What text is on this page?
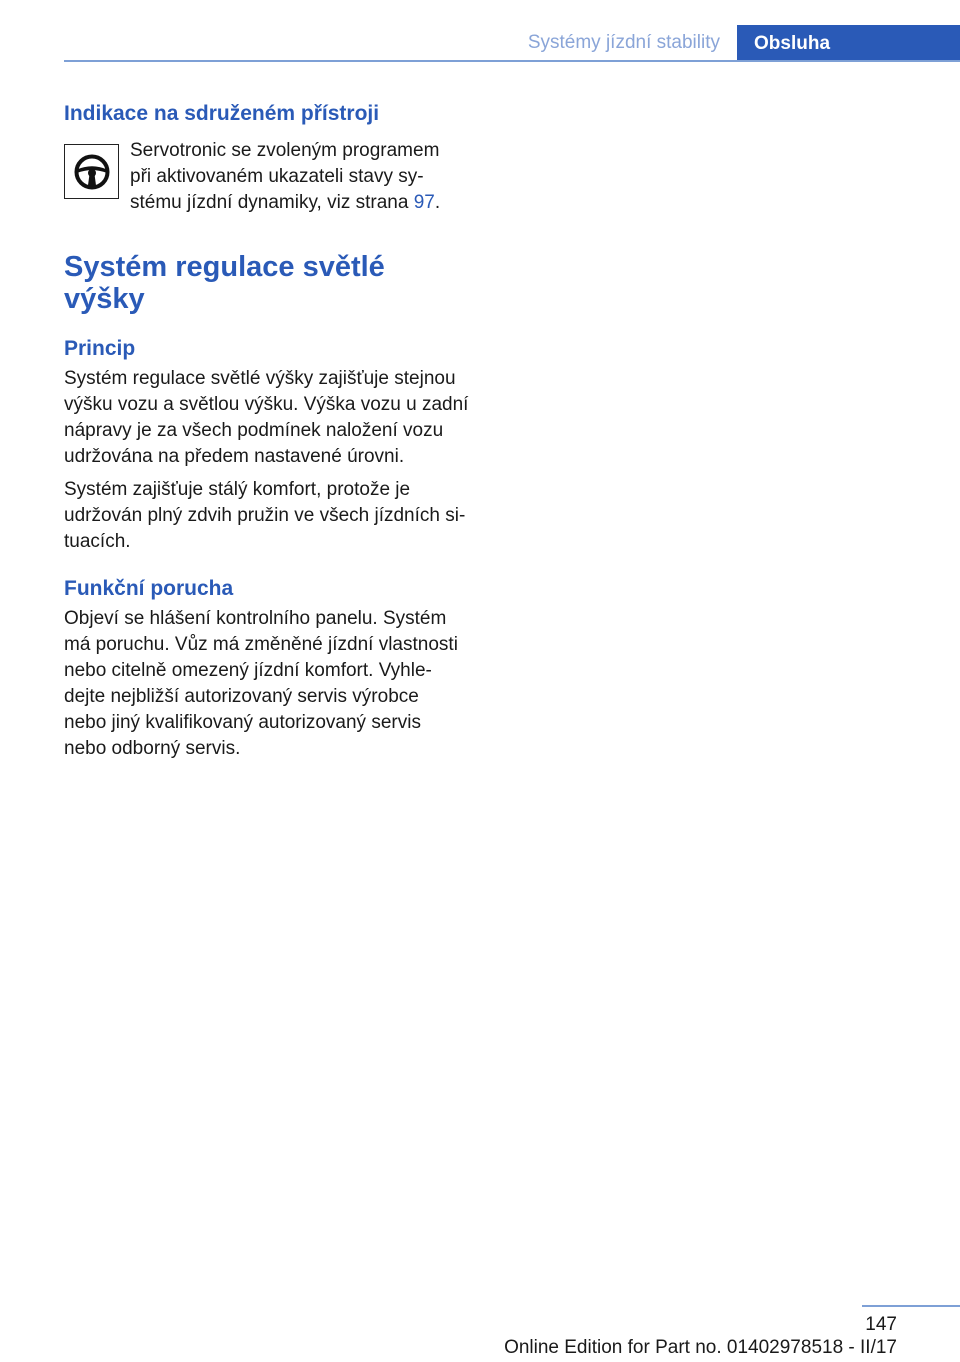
Systémy jízdní stability	Obsluha
Indikace na sdruženém přístroji
Servotronic se zvoleným programem
při aktivovaném ukazateli stavy sy-
stému jízdní dynamiky, viz strana 97.
Systém regulace světlé
výšky
Princip

Systém regulace světlé výšky zajišťuje stejnou
výšku vozu a světlou výšku. Výška vozu u zadní
nápravy je za všech podmínek naložení vozu
udržována na předem nastavené úrovni.

Systém zajišťuje stálý komfort, protože je
udržován plný zdvih pružin ve všech jízdních si-
tuacích.

Funkční porucha

Objeví se hlášení kontrolního panelu. Systém
má poruchu. Vůz má změněné jízdní vlastnosti
nebo citelně omezený jízdní komfort. Vyhle-
dejte nejbližší autorizovaný servis výrobce
nebo jiný kvalifikovaný autorizovaný servis
nebo odborný servis.

147
Online Edition for Part no. 01402978518 - II/17
